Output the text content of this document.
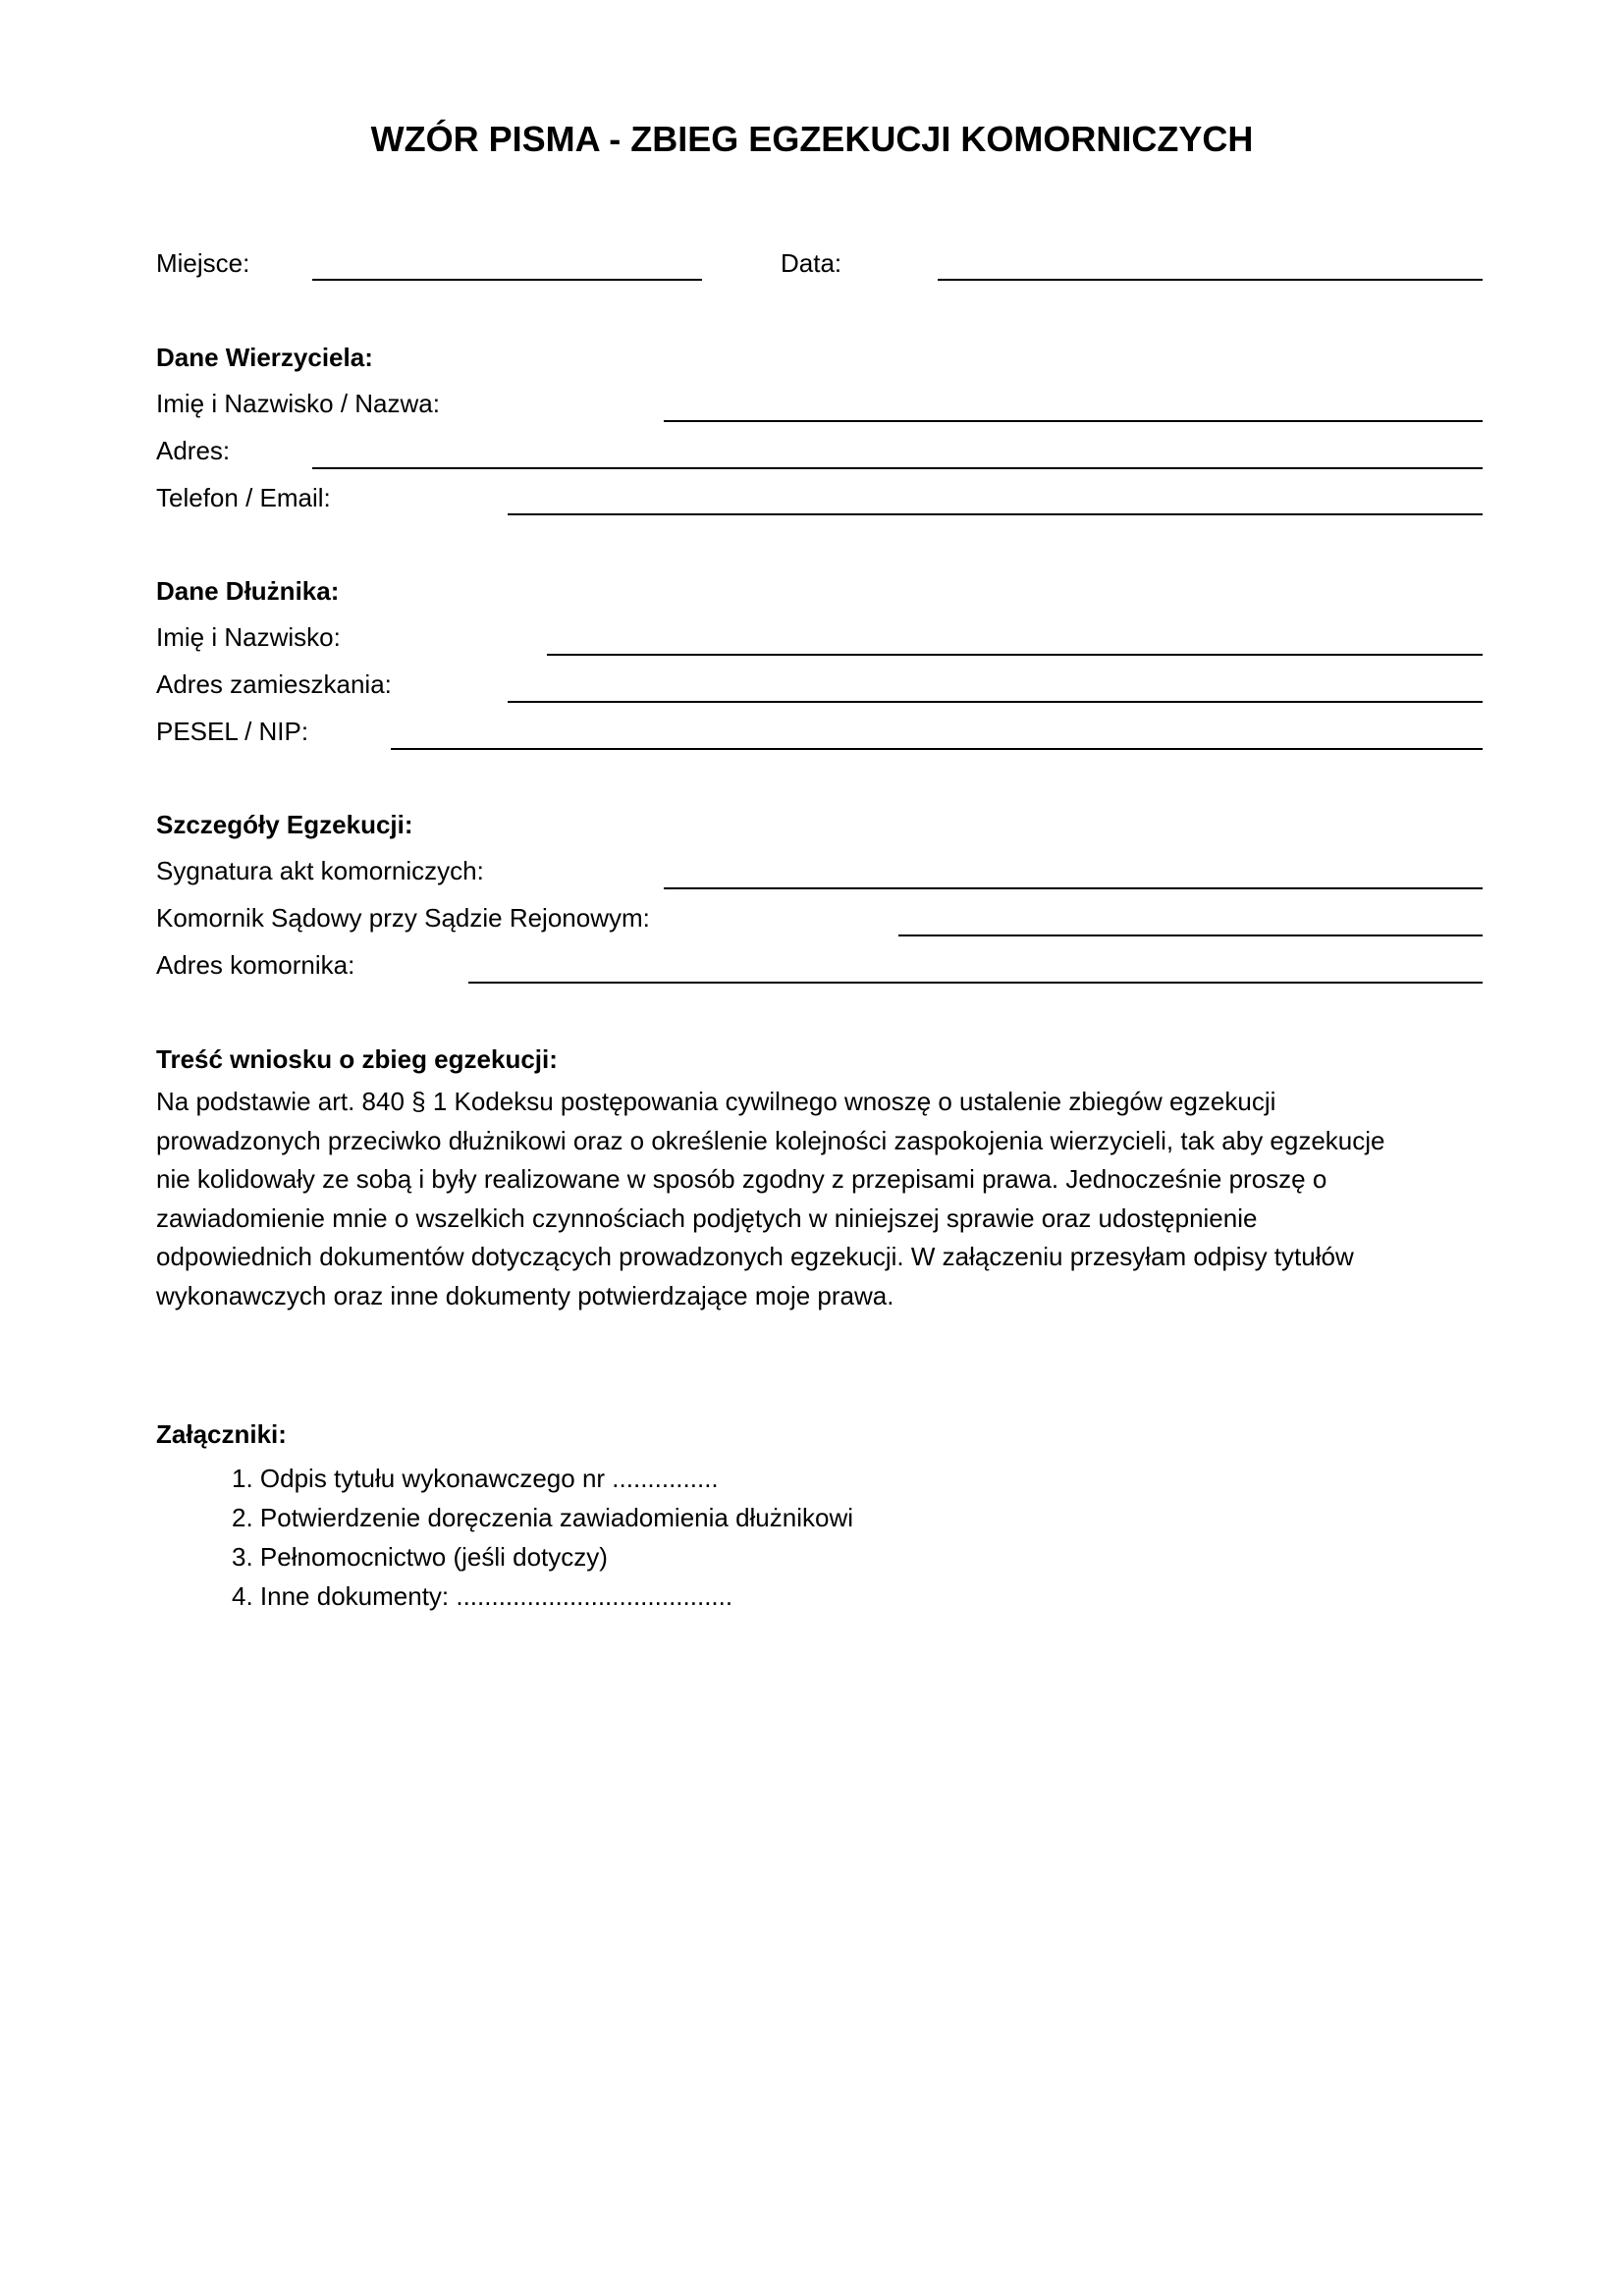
WZÓR PISMA - ZBIEG EGZEKUCJI KOMORNICZYCH
Miejsce:	Data:
Dane Wierzyciela:
Imię i Nazwisko / Nazwa:
Adres:
Telefon / Email:
Dane Dłużnika:
Imię i Nazwisko:
Adres zamieszkania:
PESEL / NIP:
Szczegóły Egzekucji:
Sygnatura akt komorniczych:
Komornik Sądowy przy Sądzie Rejonowym:
Adres komornika:
Treść wniosku o zbieg egzekucji:
Na podstawie art. 840 § 1 Kodeksu postępowania cywilnego wnoszę o ustalenie zbiegów egzekucji
prowadzonych przeciwko dłużnikowi oraz o określenie kolejności zaspokojenia wierzycieli, tak aby egzekucje
nie kolidowały ze sobą i były realizowane w sposób zgodny z przepisami prawa. Jednocześnie proszę o
zawiadomienie mnie o wszelkich czynnościach podjętych w niniejszej sprawie oraz udostępnienie
odpowiednich dokumentów dotyczących prowadzonych egzekucji. W załączeniu przesyłam odpisy tytułów
wykonawczych oraz inne dokumenty potwierdzające moje prawa.
Załączniki:
1. Odpis tytułu wykonawczego nr ...............
2. Potwierdzenie doręczenia zawiadomienia dłużnikowi
3. Pełnomocnictwo (jeśli dotyczy)
4. Inne dokumenty: .......................................
